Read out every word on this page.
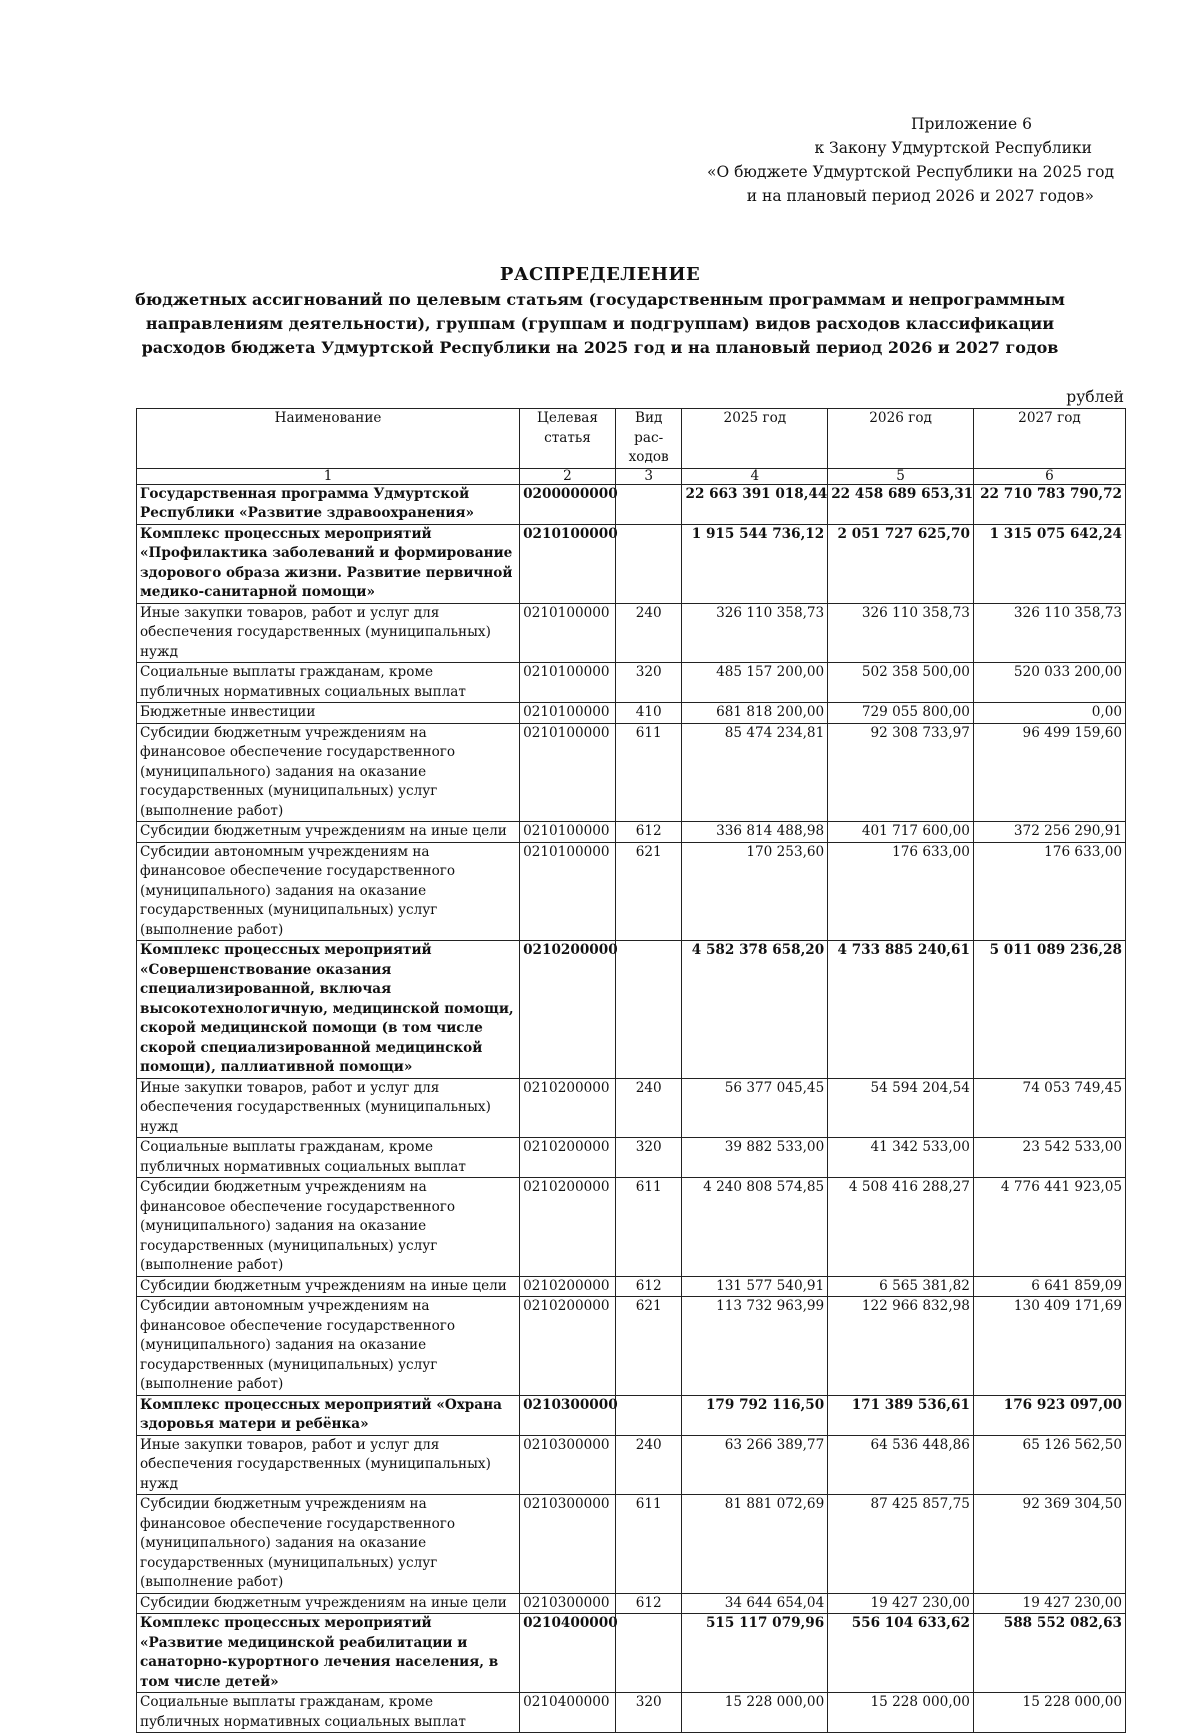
Приложение 6
к Закону Удмуртской Республики
«О бюджете Удмуртской Республики на 2025 год
и на плановый период 2026 и 2027 годов»
РАСПРЕДЕЛЕНИЕ
бюджетных ассигнований по целевым статьям (государственным программам и непрограммным
направлениям деятельности), группам (группам и подгруппам) видов расходов классификации
расходов бюджета Удмуртской Республики на 2025 год и на плановый период 2026 и 2027 годов
рублей
Наименование	Целевая статья	Вид рас-ходов	2025 год	2026 год	2027 год
1	2	3	4	5	6
Государственная программа Удмуртской Республики «Развитие здравоохранения»	0200000000		22 663 391 018,44	22 458 689 653,31	22 710 783 790,72
Комплекс процессных мероприятий «Профилактика заболеваний и формирование здорового образа жизни. Развитие первичной медико-санитарной помощи»	0210100000		1 915 544 736,12	2 051 727 625,70	1 315 075 642,24
Иные закупки товаров, работ и услуг для обеспечения государственных (муниципальных) нужд	0210100000	240	326 110 358,73	326 110 358,73	326 110 358,73
Социальные выплаты гражданам, кроме публичных нормативных социальных выплат	0210100000	320	485 157 200,00	502 358 500,00	520 033 200,00
Бюджетные инвестиции	0210100000	410	681 818 200,00	729 055 800,00	0,00
Субсидии бюджетным учреждениям на финансовое обеспечение государственного (муниципального) задания на оказание государственных (муниципальных) услуг (выполнение работ)	0210100000	611	85 474 234,81	92 308 733,97	96 499 159,60
Субсидии бюджетным учреждениям на иные цели	0210100000	612	336 814 488,98	401 717 600,00	372 256 290,91
Субсидии автономным учреждениям на финансовое обеспечение государственного (муниципального) задания на оказание государственных (муниципальных) услуг (выполнение работ)	0210100000	621	170 253,60	176 633,00	176 633,00
Комплекс процессных мероприятий «Совершенствование оказания специализированной, включая высокотехнологичную, медицинской помощи, скорой медицинской помощи (в том числе скорой специализированной медицинской помощи), паллиативной помощи»	0210200000		4 582 378 658,20	4 733 885 240,61	5 011 089 236,28
Иные закупки товаров, работ и услуг для обеспечения государственных (муниципальных) нужд	0210200000	240	56 377 045,45	54 594 204,54	74 053 749,45
Социальные выплаты гражданам, кроме публичных нормативных социальных выплат	0210200000	320	39 882 533,00	41 342 533,00	23 542 533,00
Субсидии бюджетным учреждениям на финансовое обеспечение государственного (муниципального) задания на оказание государственных (муниципальных) услуг (выполнение работ)	0210200000	611	4 240 808 574,85	4 508 416 288,27	4 776 441 923,05
Субсидии бюджетным учреждениям на иные цели	0210200000	612	131 577 540,91	6 565 381,82	6 641 859,09
Субсидии автономным учреждениям на финансовое обеспечение государственного (муниципального) задания на оказание государственных (муниципальных) услуг (выполнение работ)	0210200000	621	113 732 963,99	122 966 832,98	130 409 171,69
Комплекс процессных мероприятий «Охрана здоровья матери и ребёнка»	0210300000		179 792 116,50	171 389 536,61	176 923 097,00
Иные закупки товаров, работ и услуг для обеспечения государственных (муниципальных) нужд	0210300000	240	63 266 389,77	64 536 448,86	65 126 562,50
Субсидии бюджетным учреждениям на финансовое обеспечение государственного (муниципального) задания на оказание государственных (муниципальных) услуг (выполнение работ)	0210300000	611	81 881 072,69	87 425 857,75	92 369 304,50
Субсидии бюджетным учреждениям на иные цели	0210300000	612	34 644 654,04	19 427 230,00	19 427 230,00
Комплекс процессных мероприятий «Развитие медицинской реабилитации и санаторно-курортного лечения населения, в том числе детей»	0210400000		515 117 079,96	556 104 633,62	588 552 082,63
Социальные выплаты гражданам, кроме публичных нормативных социальных выплат	0210400000	320	15 228 000,00	15 228 000,00	15 228 000,00
